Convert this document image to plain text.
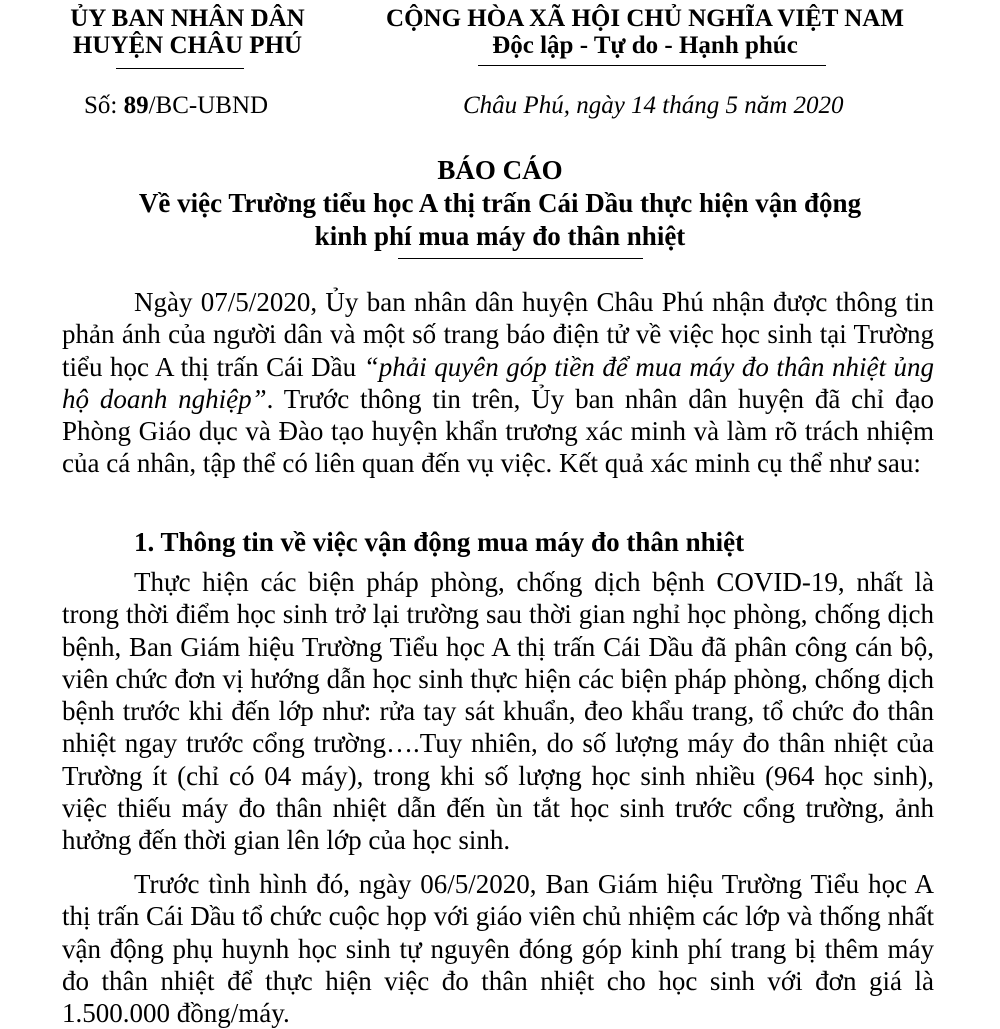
ỦY BAN NHÂN DÂN
HUYỆN CHÂU PHÚ
CỘNG HÒA XÃ HỘI CHỦ NGHĨA VIỆT NAM
Độc lập - Tự do - Hạnh phúc
Số: 89/BC-UBND	Châu Phú, ngày 14 tháng 5 năm 2020
BÁO CÁO
Về việc Trường tiểu học A thị trấn Cái Dầu thực hiện vận động
kinh phí mua máy đo thân nhiệt
Ngày 07/5/2020, Ủy ban nhân dân huyện Châu Phú nhận được thông tin phản ánh của người dân và một số trang báo điện tử về việc học sinh tại Trường tiểu học A thị trấn Cái Dầu “phải quyên góp tiền để mua máy đo thân nhiệt ủng hộ doanh nghiệp”. Trước thông tin trên, Ủy ban nhân dân huyện đã chỉ đạo Phòng Giáo dục và Đào tạo huyện khẩn trương xác minh và làm rõ trách nhiệm của cá nhân, tập thể có liên quan đến vụ việc. Kết quả xác minh cụ thể như sau:
1. Thông tin về việc vận động mua máy đo thân nhiệt
Thực hiện các biện pháp phòng, chống dịch bệnh COVID-19, nhất là trong thời điểm học sinh trở lại trường sau thời gian nghỉ học phòng, chống dịch bệnh, Ban Giám hiệu Trường Tiểu học A thị trấn Cái Dầu đã phân công cán bộ, viên chức đơn vị hướng dẫn học sinh thực hiện các biện pháp phòng, chống dịch bệnh trước khi đến lớp như: rửa tay sát khuẩn, đeo khẩu trang, tổ chức đo thân nhiệt ngay trước cổng trường….Tuy nhiên, do số lượng máy đo thân nhiệt của Trường ít (chỉ có 04 máy), trong khi số lượng học sinh nhiều (964 học sinh), việc thiếu máy đo thân nhiệt dẫn đến ùn tắt học sinh trước cổng trường, ảnh hưởng đến thời gian lên lớp của học sinh.
Trước tình hình đó, ngày 06/5/2020, Ban Giám hiệu Trường Tiểu học A thị trấn Cái Dầu tổ chức cuộc họp với giáo viên chủ nhiệm các lớp và thống nhất vận động phụ huynh học sinh tự nguyên đóng góp kinh phí trang bị thêm máy đo thân nhiệt để thực hiện việc đo thân nhiệt cho học sinh với đơn giá là 1.500.000 đồng/máy.
